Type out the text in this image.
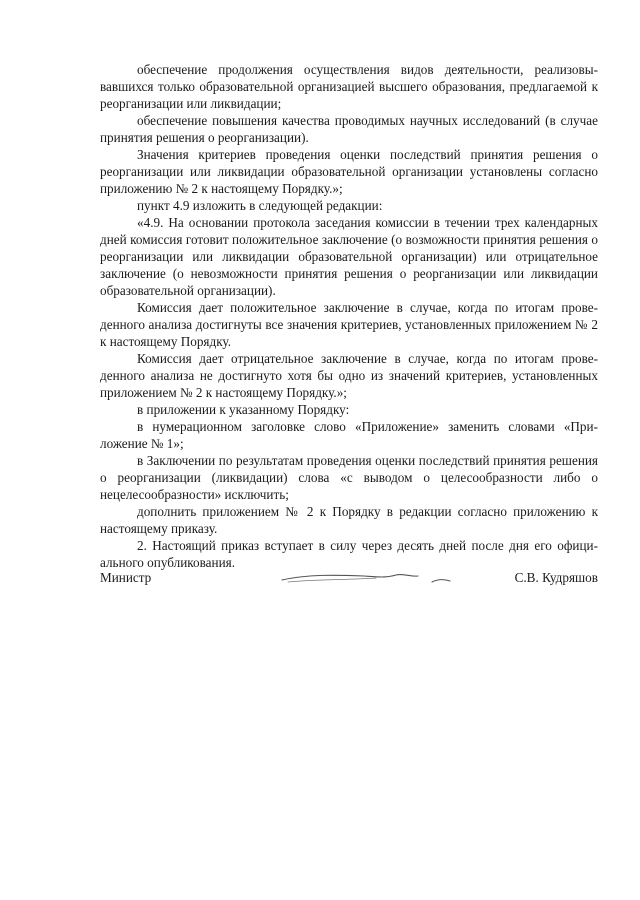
обеспечение продолжения осуществления видов деятельности, реализовывавшихся только образовательной организацией высшего образования, предлагаемой к реорганизации или ликвидации;

обеспечение повышения качества проводимых научных исследований (в случае принятия решения о реорганизации).

Значения критериев проведения оценки последствий принятия решения о реорганизации или ликвидации образовательной организации установлены согласно приложению № 2 к настоящему Порядку.»;

пункт 4.9 изложить в следующей редакции:

«4.9. На основании протокола заседания комиссии в течении трех календарных дней комиссия готовит положительное заключение (о возможности принятия решения о реорганизации или ликвидации образовательной организации) или отрицательное заключение (о невозможности принятия решения о реорганизации или ликвидации образовательной организации).

Комиссия дает положительное заключение в случае, когда по итогам проведенного анализа достигнуты все значения критериев, установленных приложением № 2 к настоящему Порядку.

Комиссия дает отрицательное заключение в случае, когда по итогам проведенного анализа не достигнуто хотя бы одно из значений критериев, установленных приложением № 2 к настоящему Порядку.»;

в приложении к указанному Порядку:

в нумерационном заголовке слово «Приложение» заменить словами «Приложение № 1»;

в Заключении по результатам проведения оценки последствий принятия решения о реорганизации (ликвидации) слова «с выводом о целесообразности либо о нецелесообразности» исключить;

дополнить приложением № 2 к Порядку в редакции согласно приложению к настоящему приказу.

2. Настоящий приказ вступает в силу через десять дней после дня его официального опубликования.

Министр	С.В. Кудряшов
